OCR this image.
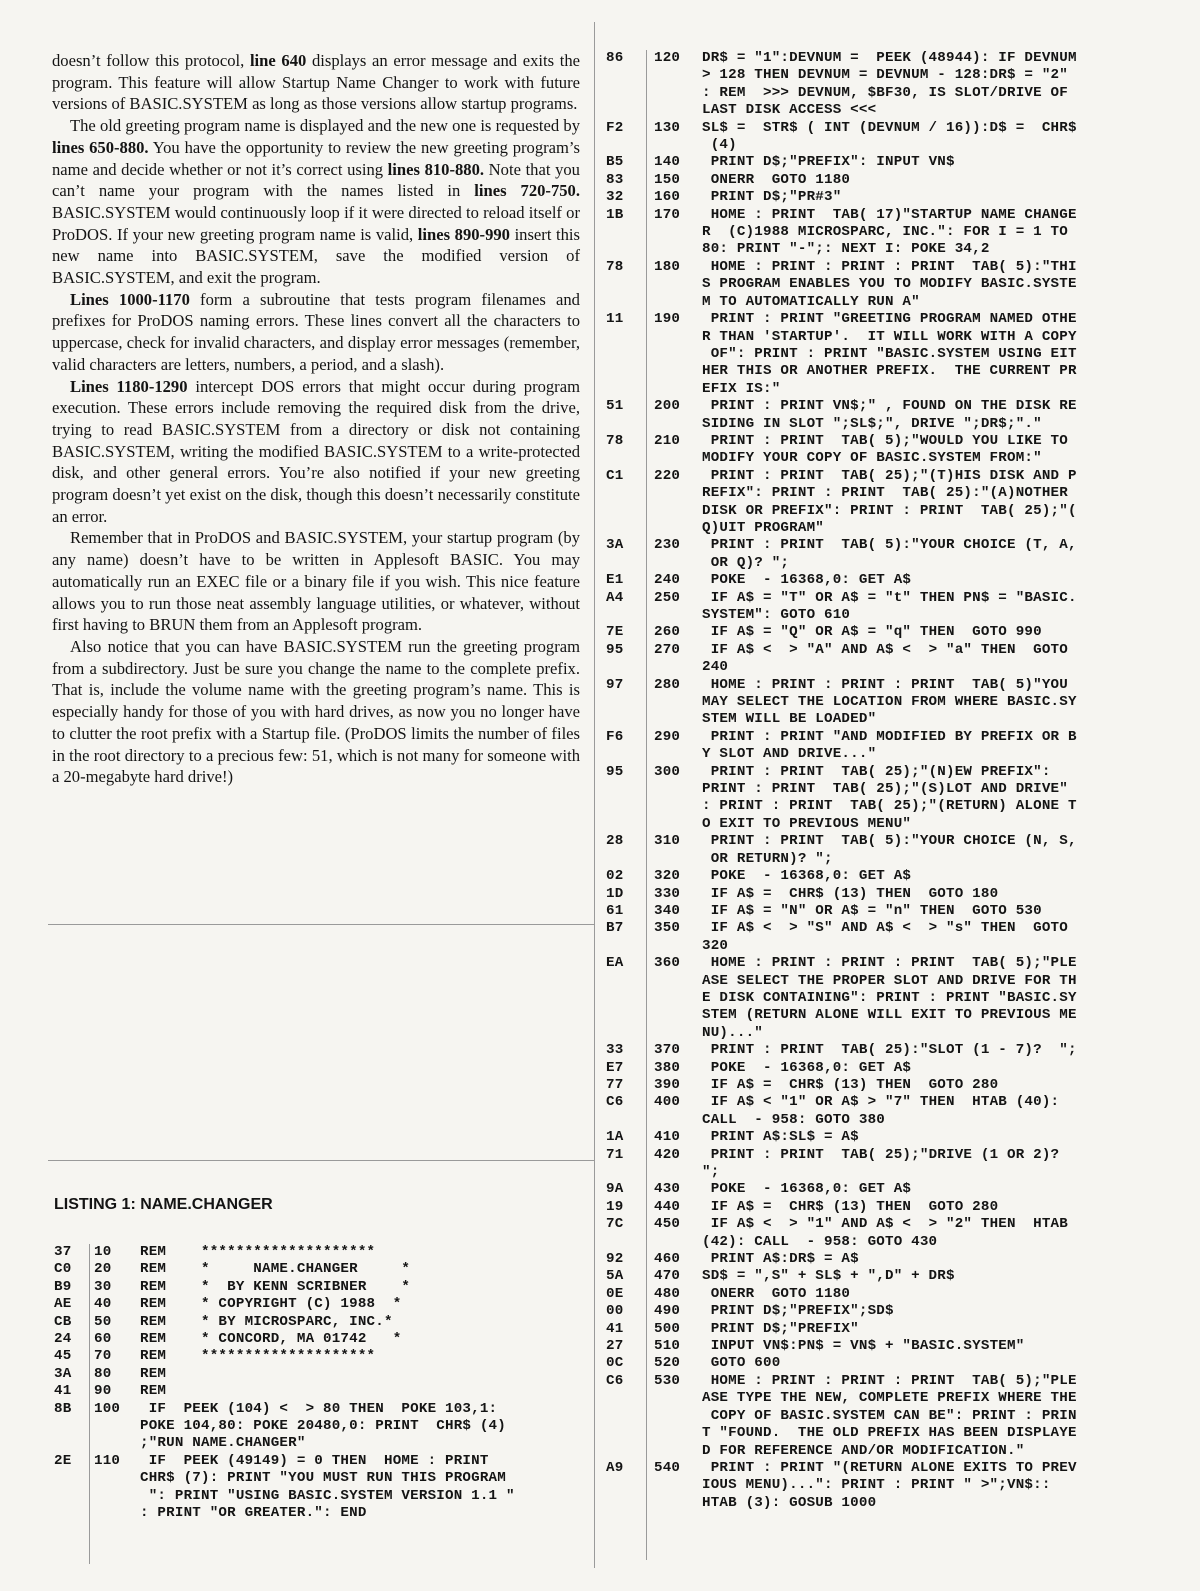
doesn’t follow this protocol, line 640 displays an error message and exits the program. This feature will allow Startup Name Changer to work with future versions of BASIC.SYSTEM as long as those versions allow startup programs.

The old greeting program name is displayed and the new one is requested by lines 650-880. You have the opportunity to review the new greeting program’s name and decide whether or not it’s correct using lines 810-880. Note that you can’t name your program with the names listed in lines 720-750. BASIC.SYSTEM would continuously loop if it were directed to reload itself or ProDOS. If your new greeting program name is valid, lines 890-990 insert this new name into BASIC.SYSTEM, save the modified version of BASIC.SYSTEM, and exit the program.

Lines 1000-1170 form a subroutine that tests program filenames and prefixes for ProDOS naming errors. These lines convert all the characters to uppercase, check for invalid characters, and display error messages (remember, valid characters are letters, numbers, a period, and a slash).

Lines 1180-1290 intercept DOS errors that might occur during program execution. These errors include removing the required disk from the drive, trying to read BASIC.SYSTEM from a directory or disk not containing BASIC.SYSTEM, writing the modified BASIC.SYSTEM to a write-protected disk, and other general errors. You’re also notified if your new greeting program doesn’t yet exist on the disk, though this doesn’t necessarily constitute an error.

Remember that in ProDOS and BASIC.SYSTEM, your startup program (by any name) doesn’t have to be written in Applesoft BASIC. You may automatically run an EXEC file or a binary file if you wish. This nice feature allows you to run those neat assembly language utilities, or whatever, without first having to BRUN them from an Applesoft program.

Also notice that you can have BASIC.SYSTEM run the greeting program from a subdirectory. Just be sure you change the name to the complete prefix. That is, include the volume name with the greeting program’s name. This is especially handy for those of you with hard drives, as now you no longer have to clutter the root prefix with a Startup file. (ProDOS limits the number of files in the root directory to a precious few: 51, which is not many for someone with a 20-megabyte hard drive!)

LISTING 1: NAME.CHANGER
37	10	REM    ********************
C0	20	REM    *     NAME.CHANGER     *
B9	30	REM    *  BY KENN SCRIBNER    *
AE	40	REM    * COPYRIGHT (C) 1988  *
CB	50	REM    * BY MICROSPARC, INC.*
24	60	REM    * CONCORD, MA 01742   *
45	70	REM    ********************
3A	80	REM
41	90	REM
8B	100	IF  PEEK (104) <  > 80 THEN  POKE 103,1:
POKE 104,80: POKE 20480,0: PRINT  CHR$ (4)
;"RUN NAME.CHANGER"
2E	110	IF  PEEK (49149) = 0 THEN  HOME : PRINT
CHR$ (7): PRINT "YOU MUST RUN THIS PROGRAM
": PRINT "USING BASIC.SYSTEM VERSION 1.1 "
: PRINT "OR GREATER.": END
86	120	DR$ = "1":DEVNUM =  PEEK (48944): IF DEVNUM
> 128 THEN DEVNUM = DEVNUM - 128:DR$ = "2"
: REM  >>> DEVNUM, $BF30, IS SLOT/DRIVE OF
LAST DISK ACCESS <<<
F2	130	SL$ =  STR$ ( INT (DEVNUM / 16)):D$ =  CHR$
(4)
B5	140	PRINT D$;"PREFIX": INPUT VN$
83	150	ONERR  GOTO 1180
32	160	PRINT D$;"PR#3"
1B	170	HOME : PRINT  TAB( 17)"STARTUP NAME CHANGE
R  (C)1988 MICROSPARC, INC.": FOR I = 1 TO
80: PRINT "-";: NEXT I: POKE 34,2
78	180	HOME : PRINT : PRINT : PRINT  TAB( 5):"THI
S PROGRAM ENABLES YOU TO MODIFY BASIC.SYSTE
M TO AUTOMATICALLY RUN A"
11	190	PRINT : PRINT "GREETING PROGRAM NAMED OTHE
R THAN 'STARTUP'.  IT WILL WORK WITH A COPY
OF": PRINT : PRINT "BASIC.SYSTEM USING EIT
HER THIS OR ANOTHER PREFIX.  THE CURRENT PR
EFIX IS:"
51	200	PRINT : PRINT VN$;" , FOUND ON THE DISK RE
SIDING IN SLOT ";SL$;", DRIVE ";DR$;"."
78	210	PRINT : PRINT  TAB( 5);"WOULD YOU LIKE TO
MODIFY YOUR COPY OF BASIC.SYSTEM FROM:"
C1	220	PRINT : PRINT  TAB( 25);"(T)HIS DISK AND P
REFIX": PRINT : PRINT  TAB( 25):"(A)NOTHER
DISK OR PREFIX": PRINT : PRINT  TAB( 25);"(
Q)UIT PROGRAM"
3A	230	PRINT : PRINT  TAB( 5):"YOUR CHOICE (T, A,
OR Q)? ";
E1	240	POKE  - 16368,0: GET A$
A4	250	IF A$ = "T" OR A$ = "t" THEN PN$ = "BASIC.
SYSTEM": GOTO 610
7E	260	IF A$ = "Q" OR A$ = "q" THEN  GOTO 990
95	270	IF A$ <  > "A" AND A$ <  > "a" THEN  GOTO
240
97	280	HOME : PRINT : PRINT : PRINT  TAB( 5)"YOU
MAY SELECT THE LOCATION FROM WHERE BASIC.SY
STEM WILL BE LOADED"
F6	290	PRINT : PRINT "AND MODIFIED BY PREFIX OR B
Y SLOT AND DRIVE..."
95	300	PRINT : PRINT  TAB( 25);"(N)EW PREFIX":
PRINT : PRINT  TAB( 25);"(S)LOT AND DRIVE"
: PRINT : PRINT  TAB( 25);"(RETURN) ALONE T
O EXIT TO PREVIOUS MENU"
28	310	PRINT : PRINT  TAB( 5):"YOUR CHOICE (N, S,
OR RETURN)? ";
02	320	POKE  - 16368,0: GET A$
1D	330	IF A$ =  CHR$ (13) THEN  GOTO 180
61	340	IF A$ = "N" OR A$ = "n" THEN  GOTO 530
B7	350	IF A$ <  > "S" AND A$ <  > "s" THEN  GOTO
320
EA	360	HOME : PRINT : PRINT : PRINT  TAB( 5);"PLE
ASE SELECT THE PROPER SLOT AND DRIVE FOR TH
E DISK CONTAINING": PRINT : PRINT "BASIC.SY
STEM (RETURN ALONE WILL EXIT TO PREVIOUS ME
NU)..."
33	370	PRINT : PRINT  TAB( 25):"SLOT (1 - 7)?  ";
E7	380	POKE  - 16368,0: GET A$
77	390	IF A$ =  CHR$ (13) THEN  GOTO 280
C6	400	IF A$ < "1" OR A$ > "7" THEN  HTAB (40):
CALL  - 958: GOTO 380
1A	410	PRINT A$:SL$ = A$
71	420	PRINT : PRINT  TAB( 25);"DRIVE (1 OR 2)?
";
9A	430	POKE  - 16368,0: GET A$
19	440	IF A$ =  CHR$ (13) THEN  GOTO 280
7C	450	IF A$ <  > "1" AND A$ <  > "2" THEN  HTAB
(42): CALL  - 958: GOTO 430
92	460	PRINT A$:DR$ = A$
5A	470	SD$ = ",S" + SL$ + ",D" + DR$
0E	480	ONERR  GOTO 1180
00	490	PRINT D$;"PREFIX";SD$
41	500	PRINT D$;"PREFIX"
27	510	INPUT VN$:PN$ = VN$ + "BASIC.SYSTEM"
0C	520	GOTO 600
C6	530	HOME : PRINT : PRINT : PRINT  TAB( 5);"PLE
ASE TYPE THE NEW, COMPLETE PREFIX WHERE THE
COPY OF BASIC.SYSTEM CAN BE": PRINT : PRIN
T "FOUND.  THE OLD PREFIX HAS BEEN DISPLAYE
D FOR REFERENCE AND/OR MODIFICATION."
A9	540	PRINT : PRINT "(RETURN ALONE EXITS TO PREV
IOUS MENU)...": PRINT : PRINT " >";VN$::
HTAB (3): GOSUB 1000
